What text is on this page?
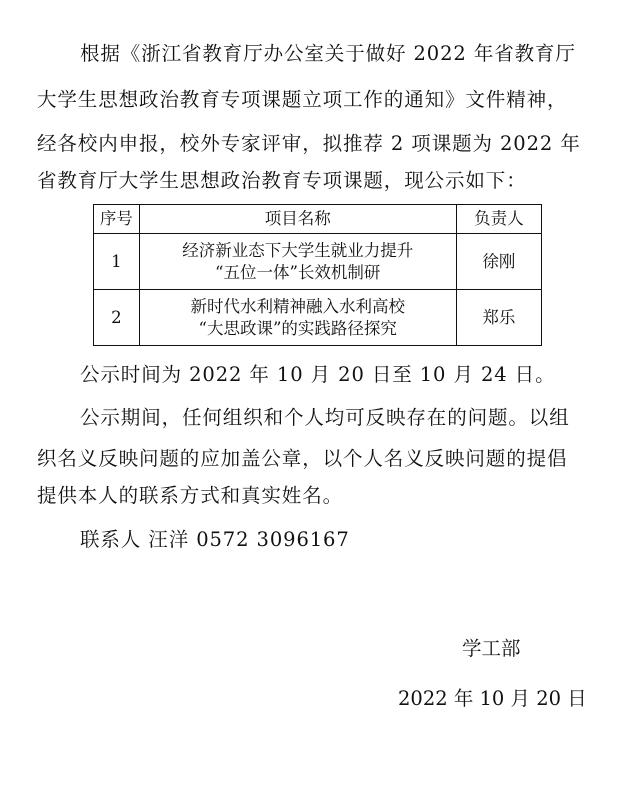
根据《浙江省教育厅办公室关于做好 2022 年省教育厅
大学生思想政治教育专项课题立项工作的通知》文件精神，
经各校内申报，校外专家评审，拟推荐 2 项课题为 2022 年
省教育厅大学生思想政治教育专项课题，现公示如下：
序号	项目名称	负责人
1	经济新业态下大学生就业力提升
“五位一体”长效机制研	徐刚
2	新时代水利精神融入水利高校
“大思政课”的实践路径探究	郑乐
公示时间为 2022 年 10 月 20 日至 10 月 24 日。
公示期间，任何组织和个人均可反映存在的问题。以组
织名义反映问题的应加盖公章，以个人名义反映问题的提倡
提供本人的联系方式和真实姓名。
联系人 汪洋 0572 3096167
学工部
2022 年 10 月 20 日
